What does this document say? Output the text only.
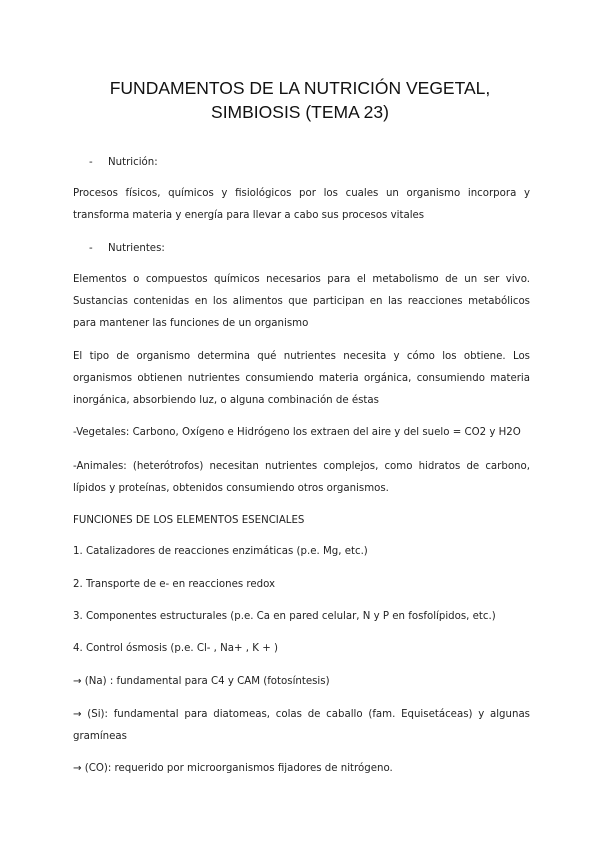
FUNDAMENTOS DE LA NUTRICIÓN VEGETAL,
SIMBIOSIS (TEMA 23)
- Nutrición:

Procesos físicos, químicos y fisiológicos por los cuales un organismo incorpora y transforma materia y energía para llevar a cabo sus procesos vitales

- Nutrientes:

Elementos o compuestos químicos necesarios para el metabolismo de un ser vivo. Sustancias contenidas en los alimentos que participan en las reacciones metabólicos para mantener las funciones de un organismo

El tipo de organismo determina qué nutrientes necesita y cómo los obtiene. Los organismos obtienen nutrientes consumiendo materia orgánica, consumiendo materia inorgánica, absorbiendo luz, o alguna combinación de éstas

-Vegetales: Carbono, Oxígeno e Hidrógeno los extraen del aire y del suelo = CO2 y H2O

-Animales: (heterótrofos) necesitan nutrientes complejos, como hidratos de carbono, lípidos y proteínas, obtenidos consumiendo otros organismos.

FUNCIONES DE LOS ELEMENTOS ESENCIALES

1. Catalizadores de reacciones enzimáticas (p.e. Mg, etc.)

2. Transporte de e- en reacciones redox

3. Componentes estructurales (p.e. Ca en pared celular, N y P en fosfolípidos, etc.)

4. Control ósmosis (p.e. Cl- , Na+ , K + )

→ (Na) : fundamental para C4 y CAM (fotosíntesis)

→ (Si): fundamental para diatomeas, colas de caballo (fam. Equisetáceas) y algunas gramíneas

→ (CO): requerido por microorganismos fijadores de nitrógeno.
